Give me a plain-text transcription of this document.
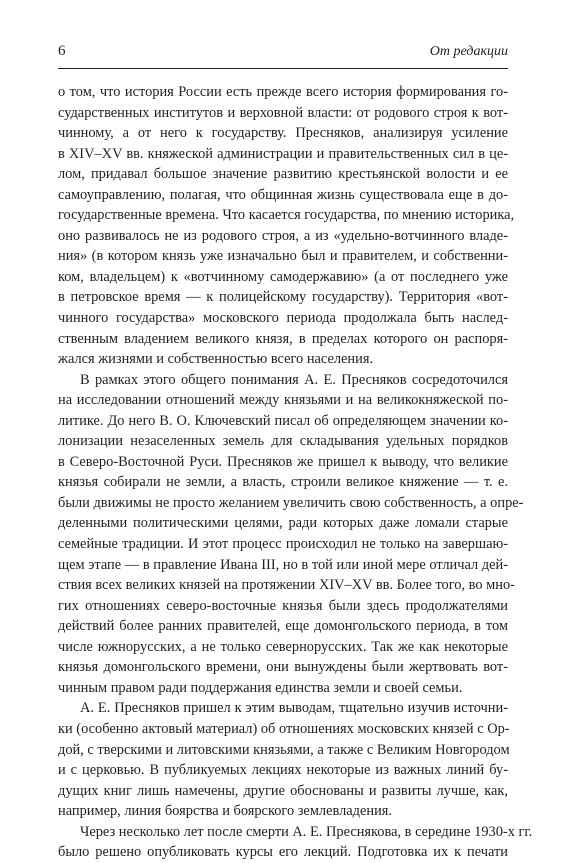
6	От редакции

о том, что история России есть прежде всего история формирования го-
сударственных институтов и верховной власти: от родового строя к вот-
чинному, а от него к государству. Пресняков, анализируя усиление
в XIV–XV вв. княжеской администрации и правительственных сил в це-
лом, придавал большое значение развитию крестьянской волости и ее
самоуправлению, полагая, что общинная жизнь существовала еще в до-
государственные времена. Что касается государства, по мнению историка,
оно развивалось не из родового строя, а из «удельно-вотчинного владе-
ния» (в котором князь уже изначально был и правителем, и собственни-
ком, владельцем) к «вотчинному самодержавию» (а от последнего уже
в петровское время — к полицейскому государству). Территория «вот-
чинного государства» московского периода продолжала быть наслед-
ственным владением великого князя, в пределах которого он распоря-
жался жизнями и собственностью всего населения.

В рамках этого общего понимания А. Е. Пресняков сосредоточился
на исследовании отношений между князьями и на великокняжеской по-
литике. До него В. О. Ключевский писал об определяющем значении ко-
лонизации незаселенных земель для складывания удельных порядков
в Северо-Восточной Руси. Пресняков же пришел к выводу, что великие
князья собирали не земли, а власть, строили великое княжение — т. е.
были движимы не просто желанием увеличить свою собственность, а опре-
деленными политическими целями, ради которых даже ломали старые
семейные традиции. И этот процесс происходил не только на завершаю-
щем этапе — в правление Ивана III, но в той или иной мере отличал дей-
ствия всех великих князей на протяжении XIV–XV вв. Более того, во мно-
гих отношениях северо-восточные князья были здесь продолжателями
действий более ранних правителей, еще домонгольского периода, в том
числе южнорусских, а не только севернорусских. Так же как некоторые
князья домонгольского времени, они вынуждены были жертвовать вот-
чинным правом ради поддержания единства земли и своей семьи.

А. Е. Пресняков пришел к этим выводам, тщательно изучив источни-
ки (особенно актовый материал) об отношениях московских князей с Ор-
дой, с тверскими и литовскими князьями, а также с Великим Новгородом
и с церковью. В публикуемых лекциях некоторые из важных линий бу-
дущих книг лишь намечены, другие обоснованы и развиты лучше, как,
например, линия боярства и боярского землевладения.

Через несколько лет после смерти А. Е. Преснякова, в середине 1930-х гг.
было решено опубликовать курсы его лекций. Подготовка их к печати
